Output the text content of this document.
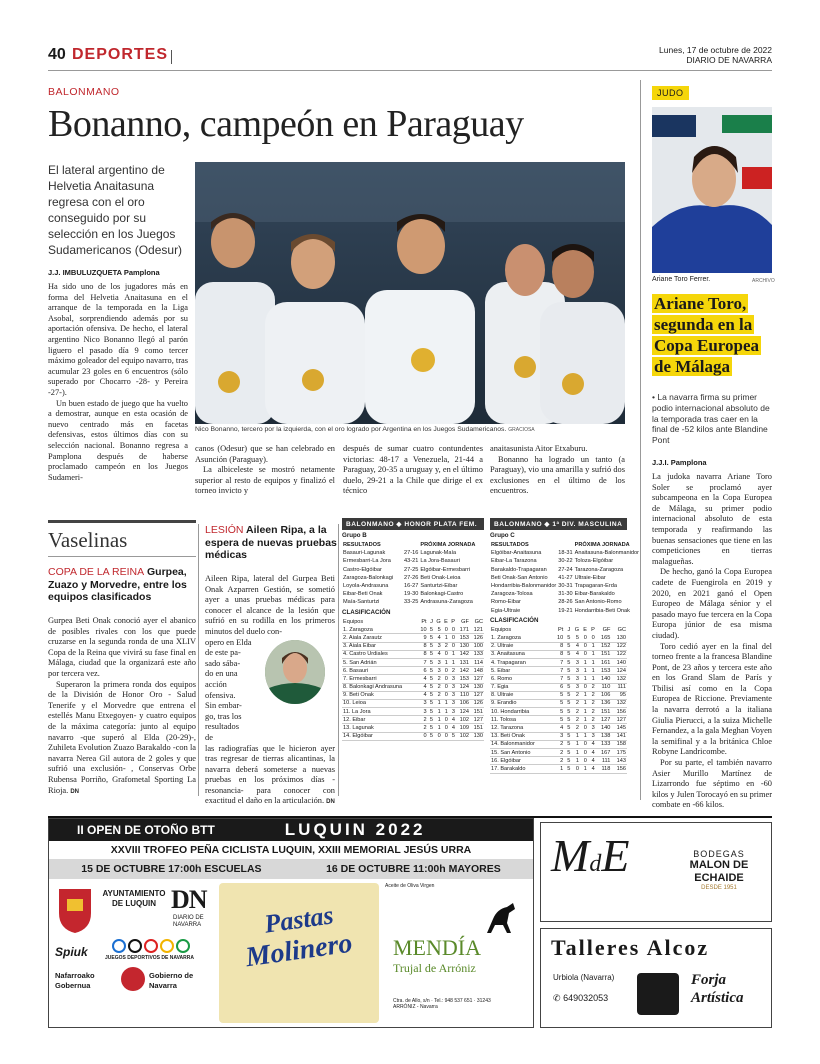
40 DEPORTES	Lunes, 17 de octubre de 2022
DIARIO DE NAVARRA
BALONMANO
Bonanno, campeón en Paraguay
El lateral argentino de Helvetia Anaitasuna regresa con el oro conseguido por su selección en los Juegos Sudamericanos (Odesur)
J.J. IMBULUZQUETA Pamplona
Nico Bonanno, tercero por la izquierda, con el oro logrado por Argentina en los Juegos Sudamericanos. GRACIOSA

Ha sido uno de los jugadores más en forma del Helvetia Anaitasuna en el arranque de la temporada en la Liga Asobal, sorprendiendo además por su aportación ofensiva. De hecho, el lateral argentino Nico Bonanno llegó al parón liguero el pasado día 9 como tercer máximo goleador del equipo navarro, tras acumular 23 goles en 6 encuentros (sólo superado por Chocarro -28- y Pereira -27-).

Un buen estado de juego que ha vuelto a demostrar, aunque en esta ocasión de nuevo centrado más en facetas defensivas, estos últimos días con su selección nacional. Bonanno regresa a Pamplona después de haberse proclamado campeón en los Juegos Sudameri-

canos (Odesur) que se han celebrado en Asunción (Paraguay).

La albiceleste se mostró netamente superior al resto de equipos y finalizó el torneo invicto y

después de sumar cuatro contundentes victorias: 48-17 a Venezuela, 21-44 a Paraguay, 20-35 a uruguay y, en el último duelo, 29-21 a la Chile que dirige el ex técnico

anaitasunista Aitor Etxaburu.

Bonanno ha logrado un tanto (a Paraguay), vio una amarilla y sufrió dos exclusiones en el último de los encuentros.

JUDO
Ariane Toro Ferrer.	ARCHIVO
Ariane Toro,
segunda en la
Copa Europea
de Málaga
• La navarra firma su primer podio internacional absoluto de la temporada tras caer en la final de -52 kilos ante Blandine Pont
J.J.I. Pamplona

La judoka navarra Ariane Toro Soler se proclamó ayer subcampeona en la Copa Europea de Málaga, su primer podio internacional absoluto de esta temporada y reafirmando las buenas sensaciones que tiene en las competiciones en tierras malagueñas.

De hecho, ganó la Copa Europea cadete de Fuengirola en 2019 y 2020, en 2021 ganó el Open Europeo de Málaga sénior y el pasado mayo fue tercera en la Copa Europa júnior de esa misma ciudad).

Toro cedió ayer en la final del torneo frente a la francesa Blandine Pont, de 23 años y tercera este año en los Grand Slam de París y Tbilisi así como en la Copa Europea de Riccione. Previamente la navarra derrotó a la italiana Giulia Pierucci, a la suiza Michelle Fernandez, a la gala Meghan Voyen la semifinal y a la británica Chloe Robyne Landricombe.

Por su parte, el también navarro Asier Murillo Martínez de Lizarrondo fue séptimo en -60 kilos y Julen Torocayó en su primer combate en -66 kilos.

Vaselinas
COPA DE LA REINA Gurpea, Zuazo y Morvedre, entre los equipos clasificados

Gurpea Beti Onak conoció ayer el abanico de posibles rivales con los que puede cruzarse en la segunda ronda de una XLIV Copa de la Reina que vivirá su fase final en Málaga, ciudad que la organizará este año por tercera vez.

Superaron la primera ronda dos equipos de la División de Honor Oro - Salud Tenerife y el Morvedre que entrena el estellés Manu Etxegoyen- y cuatro equipos de la máxima categoría: junto al equipo navarro -que superó al Elda (20-29)-, Zuhileta Evolution Zuazo Barakaldo -con la navarra Nerea Gil autora de 2 goles y que sufrió una exclusión- , Conservas Orbe Rubensa Porriño, Grafometal Sporting La Rioja. DN

LESIÓN Aileen Ripa, a la espera de nuevas pruebas médicas

Aileen Ripa, lateral del Gurpea Beti Onak Azparren Gestión, se sometió ayer a unas pruebas médicas para conocer el alcance de la lesión que sufrió en su rodilla en los primeros minutos del duelo con-

opero en Elda

de este pa-

sado sába-

do en una

acción

ofensiva.

Sin embar-

go, tras los

resultados

de

las radiografías que le hicieron ayer tras regresar de tierras alicantinas, la navarra deberá someterse a nuevas pruebas en los próximos días -resonancia- para conocer con exactitud el daño en la articulación. DN

BALONMANO ◆ HONOR PLATA FEM.
Grupo B
RESULTADOS		PRÓXIMA JORNADA
Basauri-Lagunak	27-16	Lagunak-Maía
Ermesbarri-La Jora	43-21	La Jora-Basauri
Castro-Elgóibar	27-25	Elgóibar-Ermesbarri
Zaragoza-Balonkagi	27-26	Beti Onak-Leioa
Loyola-Andrasuna	16-27	Santurtzi-Eibar
Eibar-Beti Onak	19-30	Balonkagi-Castro
Maía-Santurtzi	33-25	Andrasuna-Zaragoza
CLASIFICACIÓN
Equipos	Pt	J	G	E	P	GF	GC
1. Zaragoza	10	5	5	0	0	171	121
2. Aiala Zarautz	9	5	4	1	0	153	126
3. Aiala Eibar	8	5	3	2	0	130	100
4. Castro Urdiales	8	5	4	0	1	142	133
5. San Adrián	7	5	3	1	1	131	114
6. Basauri	6	5	3	0	2	142	148
7. Ermesbarri	4	5	2	0	3	153	127
8. Balonkagi Andrasuna	4	5	2	0	3	124	130
9. Beti Onak	4	5	2	0	3	110	127
10. Leioa	3	5	1	1	3	106	126
11. La Jora	3	5	1	1	3	124	151
12. Eibar	2	5	1	0	4	102	127
13. Lagunak	2	5	1	0	4	109	151
14. Elgóibar	0	5	0	0	5	102	130
BALONMANO ◆ 1ª DIV. MASCULINA
Grupo C
RESULTADOS		PRÓXIMA JORNADA
Elgóibar-Anaitasuna	18-31	Anaitasuna-Balonmanidor
Eibar-La Tarazona	30-22	Toloza-Elgóibar
Barakaldo-Trapagaran	27-24	Tarazona-Zaragoza
Beti Onak-San Antonio	41-27	Ultraie-Eibar
Hondarribia-Balonmanidor	30-31	Trapagaran-Erda
Zaragoza-Tolosa	31-30	Eibar-Barakaldo
Romo-Eibar	28-26	San Antonio-Romo
Egia-Ultraie	19-21	Hondarribia-Beti Onak
CLASIFICACIÓN
Equipos	Pt	J	G	E	P	GF	GC
1. Zaragoza	10	5	5	0	0	165	130
2. Ultraie	8	5	4	0	1	152	122
3. Anaitasuna	8	5	4	0	1	151	122
4. Trapagaran	7	5	3	1	1	161	140
5. Eibar	7	5	3	1	1	153	124
6. Romo	7	5	3	1	1	140	132
7. Egia	6	5	3	0	2	110	111
8. Ultraie	5	5	2	1	2	106	95
9. Erandio	5	5	2	1	2	136	132
10. Hondarribia	5	5	2	1	2	151	156
11. Tolosa	5	5	2	1	2	127	127
12. Tarazona	4	5	2	0	3	140	145
13. Beti Onak	3	5	1	1	3	138	141
14. Balonmanidor	2	5	1	0	4	133	158
15. San Antonio	2	5	1	0	4	167	175
16. Elgóibar	2	5	1	0	4	111	143
17. Barakaldo	1	5	0	1	4	118	156
II OPEN DE OTOÑO BTT	LUQUIN 2022
XXVIII TROFEO PEÑA CICLISTA LUQUIN, XXIII MEMORIAL JESÚS URRA
15 DE OCTUBRE 17:00h ESCUELAS	16 DE OCTUBRE 11:00h MAYORES
AYUNTAMIENTO DE LUQUIN DN
DIARIO DE NAVARRA
Spiuk	JUEGOS DEPORTIVOS DE NAVARRA
Nafarroako Gobernua
Gobierno de Navarra
Pastas
Molinero
Aceite de Oliva Virgen
MENDÍA
Trujal de Arróniz
Ctra. de Allo, s/n · Tel.: 948 537 651 · 31243 ARRÓNIZ - Navarra
MdE	BODEGAS
MALON DE ECHAIDE
DESDE 1951
Talleres Alcoz
Urbiola (Navarra)
✆ 649032053
Forja
Artística
